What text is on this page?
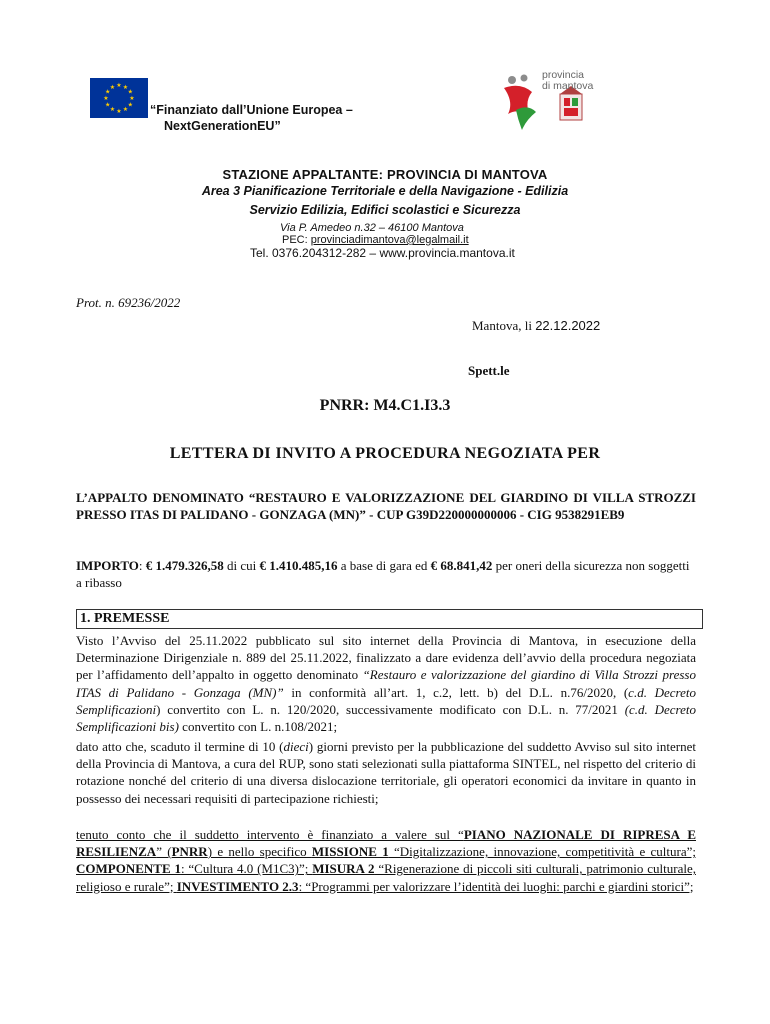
★ ★
★
★
★
★
★
★
★
★
★
★
“Finanziato dall’Unione Europea –
NextGenerationEU”
provincia
di mantova
STAZIONE APPALTANTE: PROVINCIA DI MANTOVA
Area 3 Pianificazione Territoriale e della Navigazione - Edilizia
Servizio Edilizia, Edifici scolastici e Sicurezza
Via P. Amedeo n.32 – 46100 Mantova
PEC: provinciadimantova@legalmail.it
Tel. 0376.204312-282 – www.provincia.mantova.it
Prot. n. 69236/2022
Mantova, li 22.12.2022
Spett.le
PNRR: M4.C1.I3.3
LETTERA DI INVITO A PROCEDURA NEGOZIATA PER
L’APPALTO DENOMINATO “RESTAURO E VALORIZZAZIONE DEL GIARDINO DI VILLA STROZZI PRESSO ITAS DI PALIDANO - GONZAGA (MN)” - CUP G39D220000000006 - CIG 9538291EB9
IMPORTO: € 1.479.326,58 di cui € 1.410.485,16 a base di gara ed € 68.841,42 per oneri della sicurezza non soggetti a ribasso
1. PREMESSE
Visto l’Avviso del 25.11.2022 pubblicato sul sito internet della Provincia di Mantova, in esecuzione della Determinazione Dirigenziale n. 889 del 25.11.2022, finalizzato a dare evidenza dell’avvio della procedura negoziata per l’affidamento dell’appalto in oggetto denominato “Restauro e valorizzazione del giardino di Villa Strozzi presso ITAS di Palidano - Gonzaga (MN)” in conformità all’art. 1, c.2, lett. b) del D.L. n.76/2020, (c.d. Decreto Semplificazioni) convertito con L. n. 120/2020, successivamente modificato con D.L. n. 77/2021 (c.d. Decreto Semplificazioni bis) convertito con L. n.108/2021;
dato atto che, scaduto il termine di 10 (dieci) giorni previsto per la pubblicazione del suddetto Avviso sul sito internet della Provincia di Mantova, a cura del RUP, sono stati selezionati sulla piattaforma SINTEL, nel rispetto del criterio di rotazione nonché del criterio di una diversa dislocazione territoriale, gli operatori economici da invitare in quanto in possesso dei necessari requisiti di partecipazione richiesti;
tenuto conto che il suddetto intervento è finanziato a valere sul “PIANO NAZIONALE DI RIPRESA E RESILIENZA” (PNRR) e nello specifico MISSIONE 1 “Digitalizzazione, innovazione, competitività e cultura”; COMPONENTE 1: “Cultura 4.0 (M1C3)”; MISURA 2 “Rigenerazione di piccoli siti culturali, patrimonio culturale, religioso e rurale”; INVESTIMENTO 2.3: “Programmi per valorizzare l’identità dei luoghi: parchi e giardini storici”;
